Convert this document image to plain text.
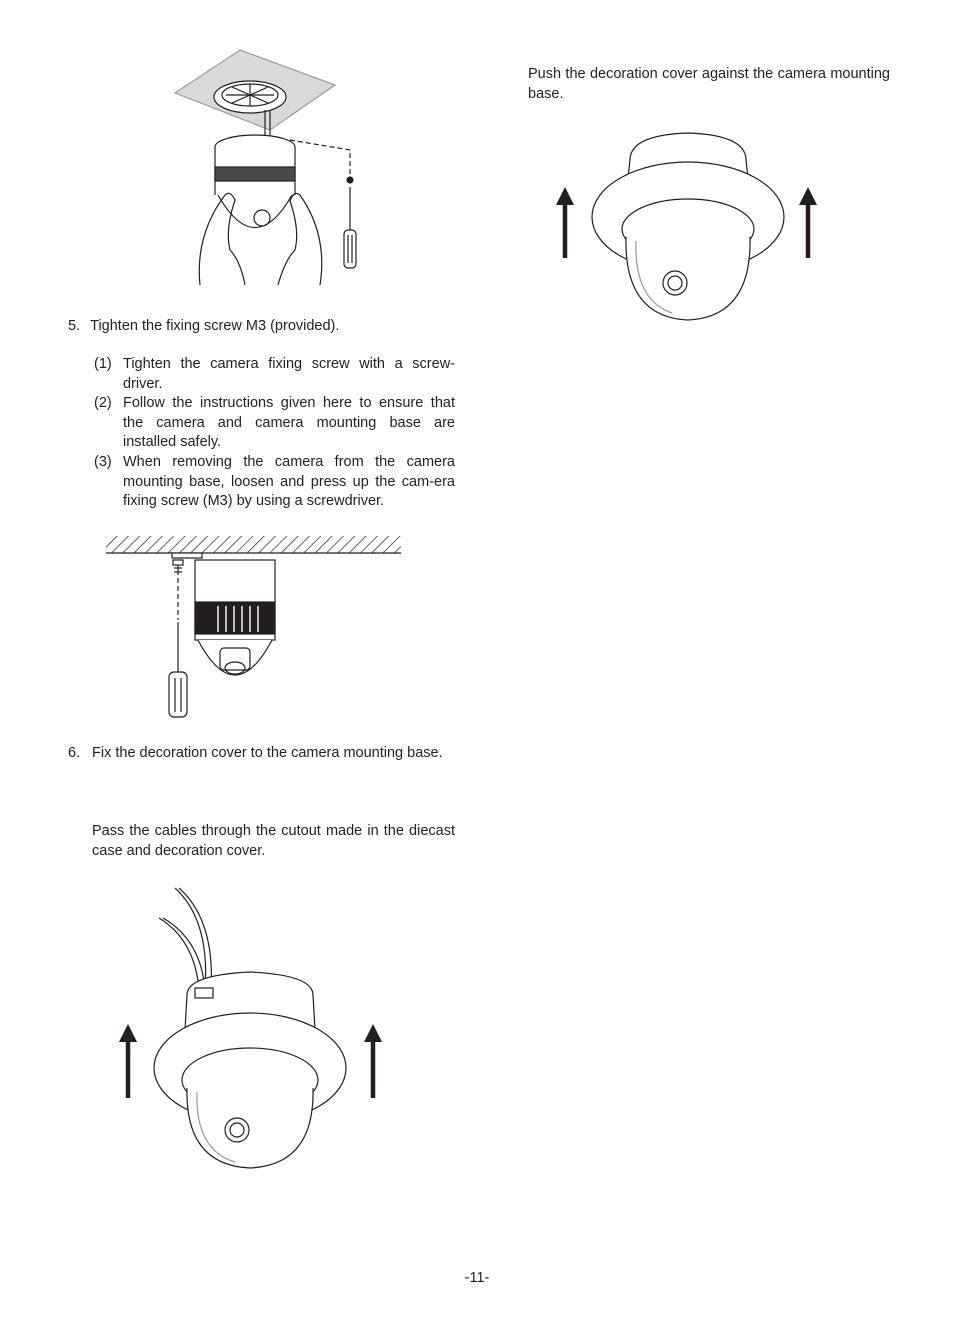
5. Tighten the fixing screw M3 (provided).
(1) Tighten the camera fixing screw with a screw-driver.
(2) Follow the instructions given here to ensure that the camera and camera mounting base are installed safely.
(3) When removing the camera from the camera mounting base, loosen and press up the cam-era fixing screw (M3) by using a screwdriver.
6. Fix the decoration cover to the camera mounting base.
Pass the cables through the cutout made in the diecast case and decoration cover.
Push the decoration cover against the camera mounting base.
-11-
